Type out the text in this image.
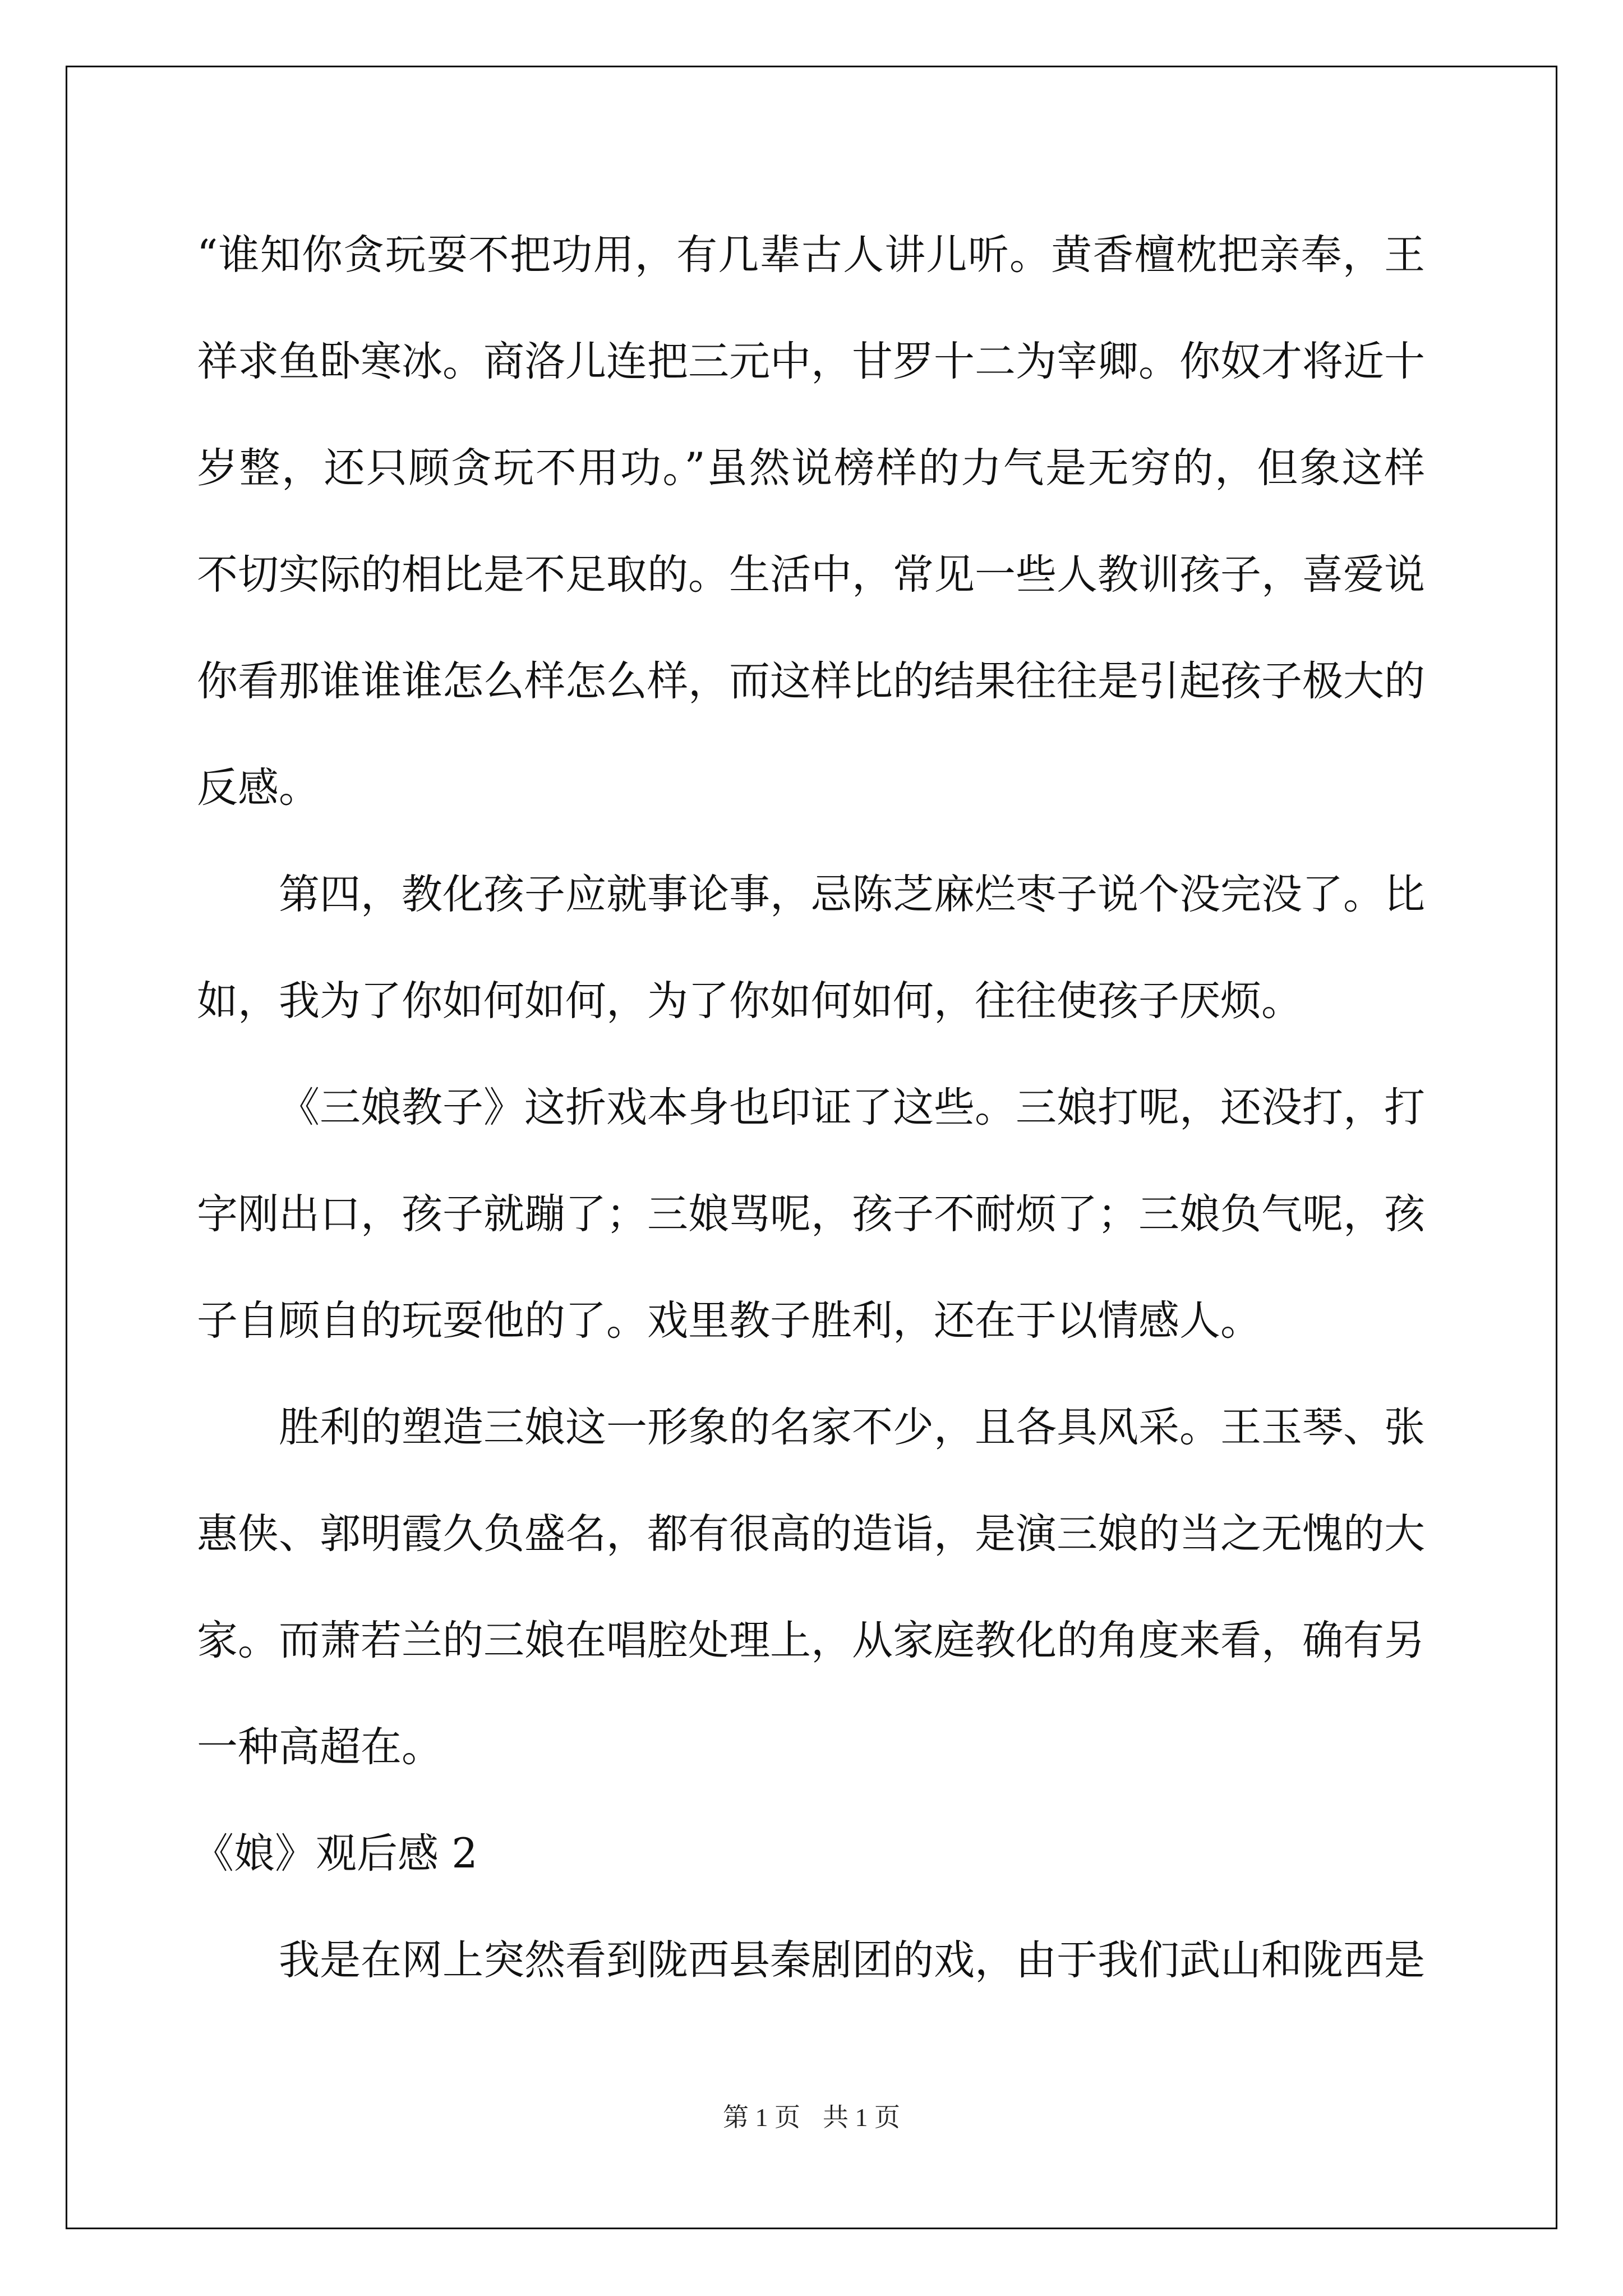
“谁知你贪玩耍不把功用，有几辈古人讲儿听。黄香檀枕把亲奉，王祥求鱼卧寒冰。商洛儿连把三元中，甘罗十二为宰卿。你奴才将近十岁整，还只顾贪玩不用功。”虽然说榜样的力气是无穷的，但象这样不切实际的相比是不足取的。生活中，常见一些人教训孩子，喜爱说你看那谁谁谁怎么样怎么样，而这样比的结果往往是引起孩子极大的反感。

第四，教化孩子应就事论事，忌陈芝麻烂枣子说个没完没了。比如，我为了你如何如何，为了你如何如何，往往使孩子厌烦。

《三娘教子》这折戏本身也印证了这些。三娘打呢，还没打，打字刚出口，孩子就蹦了；三娘骂呢，孩子不耐烦了；三娘负气呢，孩子自顾自的玩耍他的了。戏里教子胜利，还在于以情感人。

胜利的塑造三娘这一形象的名家不少，且各具风采。王玉琴、张惠侠、郭明霞久负盛名，都有很高的造诣，是演三娘的当之无愧的大家。而萧若兰的三娘在唱腔处理上，从家庭教化的角度来看，确有另一种高超在。

《娘》观后感 2

我是在网上突然看到陇西县秦剧团的戏，由于我们武山和陇西是

第 1 页 共 1 页
